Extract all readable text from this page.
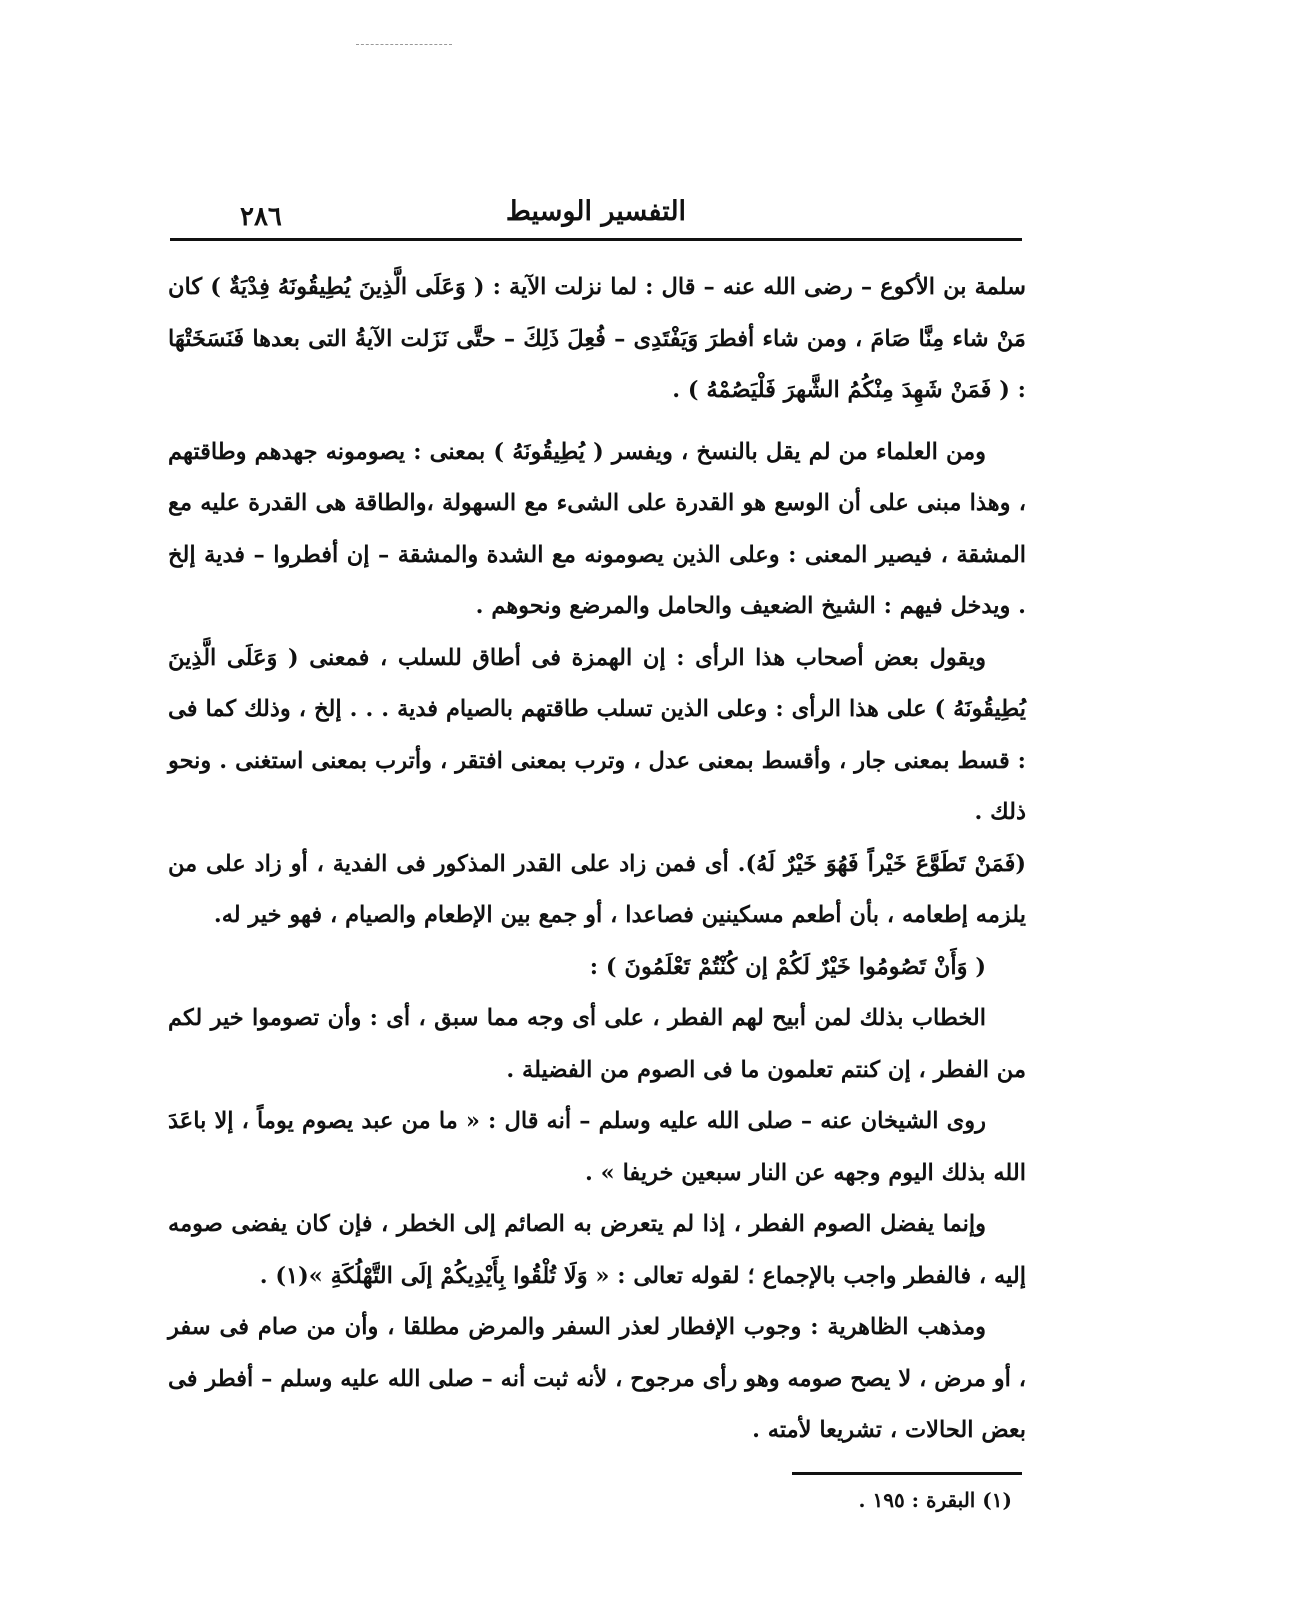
التفسير الوسيط
٢٨٦

سلمة بن الأكوع – رضى الله عنه – قال : لما نزلت الآية : ( وَعَلَى الَّذِينَ يُطِيقُونَهُ فِدْيَةٌ ) كان مَنْ شاء مِنَّا صَامَ ، ومن شاء أفطرَ وَيَفْتَدِى – فُعِلَ ذَلِكَ – حتَّى نَزَلت الآيةُ التى بعدها فَنَسَخَتْهَا : ( فَمَنْ شَهِدَ مِنْكُمُ الشَّهرَ فَلْيَصُمْهُ ) .

ومن العلماء من لم يقل بالنسخ ، ويفسر ( يُطِيقُونَهُ ) بمعنى : يصومونه جهدهم وطاقتهم ، وهذا مبنى على أن الوسع هو القدرة على الشىء مع السهولة ،والطاقة هى القدرة عليه مع المشقة ، فيصير المعنى : وعلى الذين يصومونه مع الشدة والمشقة – إن أفطروا – فدية إلخ . ويدخل فيهم : الشيخ الضعيف والحامل والمرضع ونحوهم .

ويقول بعض أصحاب هذا الرأى : إن الهمزة فى أطاق للسلب ، فمعنى ( وَعَلَى الَّذِينَ يُطِيقُونَهُ ) على هذا الرأى : وعلى الذين تسلب طاقتهم بالصيام فدية . . . إلخ ، وذلك كما فى : قسط بمعنى جار ، وأقسط بمعنى عدل ، وترب بمعنى افتقر ، وأترب بمعنى استغنى . ونحو ذلك .

(فَمَنْ تَطَوَّعَ خَيْراً فَهُوَ خَيْرٌ لَهُ). أى فمن زاد على القدر المذكور فى الفدية ، أو زاد على من يلزمه إطعامه ، بأن أطعم مسكينين فصاعدا ، أو جمع بين الإطعام والصيام ، فهو خير له.

( وَأَنْ تَصُومُوا خَيْرٌ لَكُمْ إن كُنْتُمْ تَعْلَمُونَ ) :

الخطاب بذلك لمن أبيح لهم الفطر ، على أى وجه مما سبق ، أى : وأن تصوموا خير لكم من الفطر ، إن كنتم تعلمون ما فى الصوم من الفضيلة .

روى الشيخان عنه – صلى الله عليه وسلم – أنه قال : « ما من عبد يصوم يوماً ، إلا باعَدَ الله بذلك اليوم وجهه عن النار سبعين خريفا » .

وإنما يفضل الصوم الفطر ، إذا لم يتعرض به الصائم إلى الخطر ، فإن كان يفضى صومه إليه ، فالفطر واجب بالإجماع ؛ لقوله تعالى : « وَلَا تُلْقُوا بِأَيْدِيكُمْ إلَى التَّهْلُكَةِ »(١) .

ومذهب الظاهرية : وجوب الإفطار لعذر السفر والمرض مطلقا ، وأن من صام فى سفر ، أو مرض ، لا يصح صومه وهو رأى مرجوح ، لأنه ثبت أنه – صلى الله عليه وسلم – أفطر فى بعض الحالات ، تشريعا لأمته .

(١) البقرة : ١٩٥ .
